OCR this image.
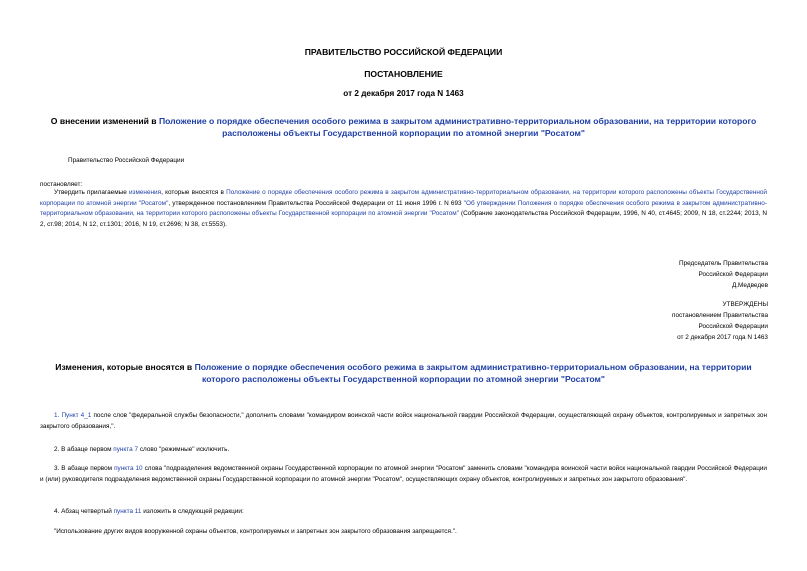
ПРАВИТЕЛЬСТВО РОССИЙСКОЙ ФЕДЕРАЦИИ
ПОСТАНОВЛЕНИЕ
от 2 декабря 2017 года N 1463
О внесении изменений в Положение о порядке обеспечения особого режима в закрытом административно-территориальном образовании, на территории которого расположены объекты Государственной корпорации по атомной энергии "Росатом"
Правительство Российской Федерации
постановляет:
Утвердить прилагаемые изменения, которые вносятся в Положение о порядке обеспечения особого режима в закрытом административно-территориальном образовании, на территории которого расположены объекты Государственной корпорации по атомной энергии "Росатом", утвержденное постановлением Правительства Российской Федерации от 11 июня 1996 г. N 693 "Об утверждении Положения о порядке обеспечения особого режима в закрытом административно-территориальном образовании, на территории которого расположены объекты Государственной корпорации по атомной энергии "Росатом" (Собрание законодательства Российской Федерации, 1996, N 40, ст.4645; 2009, N 18, ст.2244; 2013, N 2, ст.98; 2014, N 12, ст.1301; 2016, N 19, ст.2696; N 38, ст.5553).
Председатель Правительства
Российской Федерации
Д.Медведев
УТВЕРЖДЕНЫ
постановлением Правительства
Российской Федерации
от 2 декабря 2017 года N 1463
Изменения, которые вносятся в Положение о порядке обеспечения особого режима в закрытом административно-территориальном образовании, на территории которого расположены объекты Государственной корпорации по атомной энергии "Росатом"
1. Пункт 4_1 после слов "федеральной службы безопасности," дополнить словами "командиром воинской части войск национальной гвардии Российской Федерации, осуществляющей охрану объектов, контролируемых и запретных зон закрытого образования,".
2. В абзаце первом пункта 7 слово "режимные" исключить.
3. В абзаце первом пункта 10 слова "подразделения ведомственной охраны Государственной корпорации по атомной энергии "Росатом" заменить словами "командира воинской части войск национальной гвардии Российской Федерации и (или) руководителя подразделения ведомственной охраны Государственной корпорации по атомной энергии "Росатом", осуществляющих охрану объектов, контролируемых и запретных зон закрытого образования".
4. Абзац четвертый пункта 11 изложить в следующей редакции:
"Использование других видов вооруженной охраны объектов, контролируемых и запретных зон закрытого образования запрещается.".
